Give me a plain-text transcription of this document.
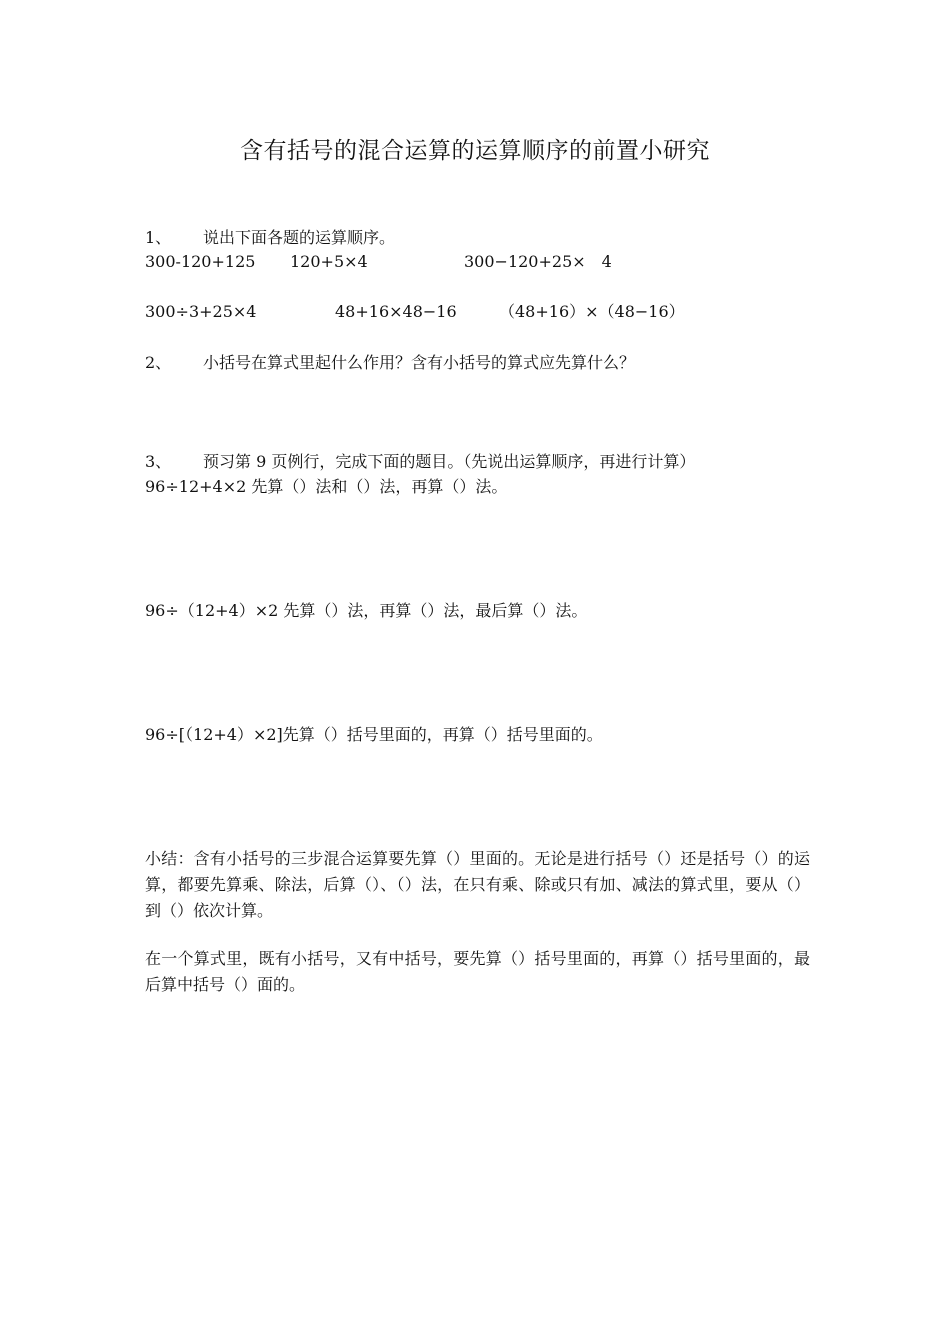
含有括号的混合运算的运算顺序的前置小研究
1、 说出下面各题的运算顺序。
300-120+125 120+5×4	300−120+25×　4
300÷3+25×4	48+16×48−16	（48+16）×（48−16）
2、 小括号在算式里起什么作用？含有小括号的算式应先算什么？
3、 预习第 9 页例行，完成下面的题目。（先说出运算顺序，再进行计算）
96÷12+4×2 先算（）法和（）法，再算（）法。
96÷（12+4）×2 先算（）法，再算（）法，最后算（）法。
96÷[（12+4）×2]先算（）括号里面的，再算（）括号里面的。
小结：含有小括号的三步混合运算要先算（）里面的。无论是进行括号（）还是括号（）的运算，都要先算乘、除法，后算（）、（）法，在只有乘、除或只有加、减法的算式里，要从（）到（）依次计算。
在一个算式里，既有小括号，又有中括号，要先算（）括号里面的，再算（）括号里面的，最后算中括号（）面的。
